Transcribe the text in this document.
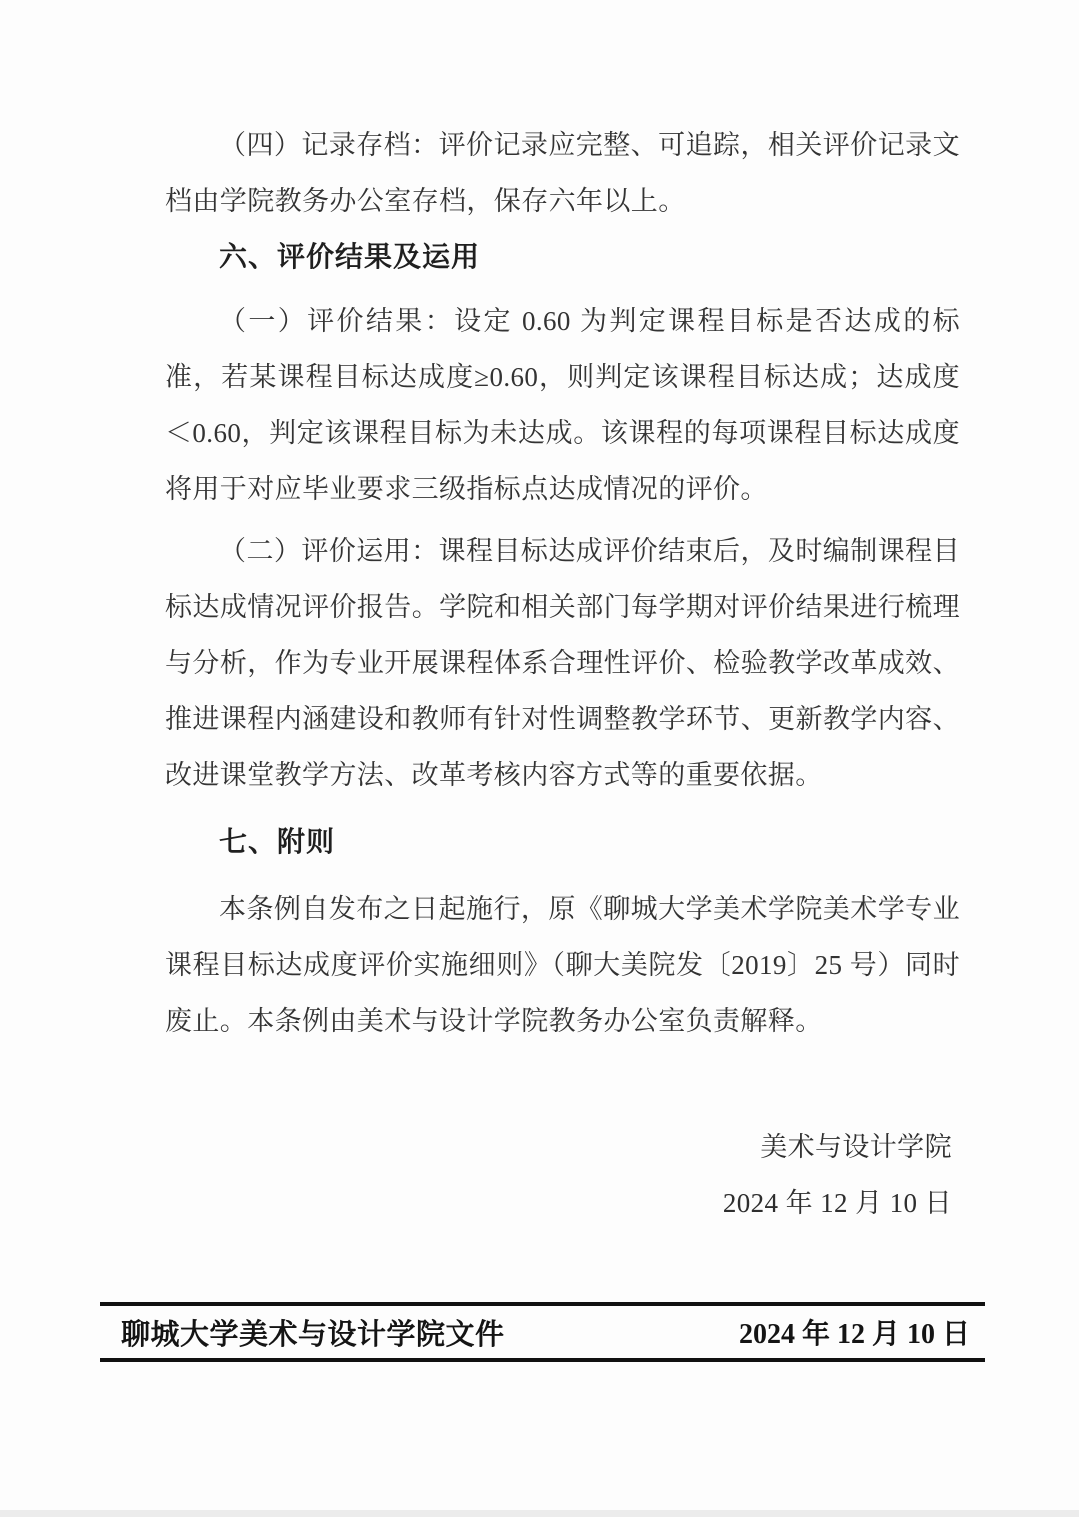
（四）记录存档：评价记录应完整、可追踪，相关评价记录文档由学院教务办公室存档，保存六年以上。

六、评价结果及运用

（一）评价结果：设定 0.60 为判定课程目标是否达成的标准，若某课程目标达成度≥0.60，则判定该课程目标达成；达成度＜0.60，判定该课程目标为未达成。该课程的每项课程目标达成度将用于对应毕业要求三级指标点达成情况的评价。

（二）评价运用：课程目标达成评价结束后，及时编制课程目标达成情况评价报告。学院和相关部门每学期对评价结果进行梳理与分析，作为专业开展课程体系合理性评价、检验教学改革成效、推进课程内涵建设和教师有针对性调整教学环节、更新教学内容、改进课堂教学方法、改革考核内容方式等的重要依据。

七、附则

本条例自发布之日起施行，原《聊城大学美术学院美术学专业课程目标达成度评价实施细则》（聊大美院发〔2019〕25 号）同时废止。本条例由美术与设计学院教务办公室负责解释。

美术与设计学院
2024 年 12 月 10 日
聊城大学美术与设计学院文件	2024 年 12 月 10 日
